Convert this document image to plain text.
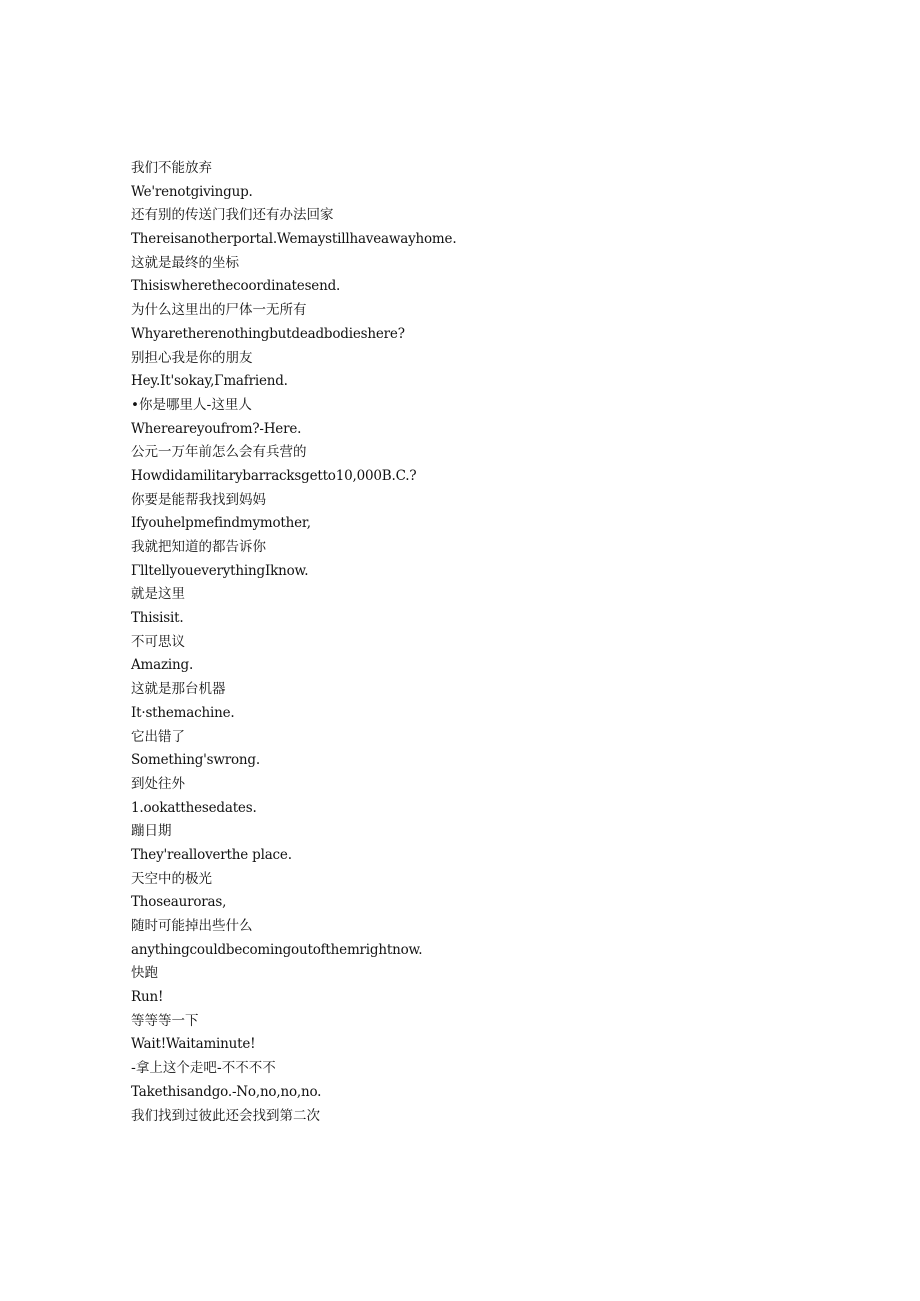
我们不能放弃
We'renotgivingup.
还有别的传送门我们还有办法回家
Thereisanotherportal.Wemaystillhaveawayhome.
这就是最终的坐标
Thisiswherethecoordinatesend.
为什么这里出的尸体一无所有
Whyaretherenothingbutdeadbodieshere?
别担心我是你的朋友
Hey.It'sokay,Γmafriend.
•你是哪里人-这里人
Whereareyoufrom?-Here.
公元一万年前怎么会有兵营的
Howdidamilitarybarracksgetto10,000B.C.?
你要是能帮我找到妈妈
Ifyouhelpmefindmymother,
我就把知道的都告诉你
ΓlltellyoueverythingIknow.
就是这里
Thisisit.
不可思议
Amazing.
这就是那台机器
It·sthemachine.
它出错了
Something'swrong.
到处往外
1.ookatthesedates.
蹦日期
They'realloverthe place.
天空中的极光
Thoseauroras,
随时可能掉出些什么
anythingcouldbecomingoutofthemrightnow.
快跑
Run!
等等等一下
Wait!Waitaminute!
-拿上这个走吧-不不不不
Takethisandgo.-No,no,no,no.
我们找到过彼此还会找到第二次
